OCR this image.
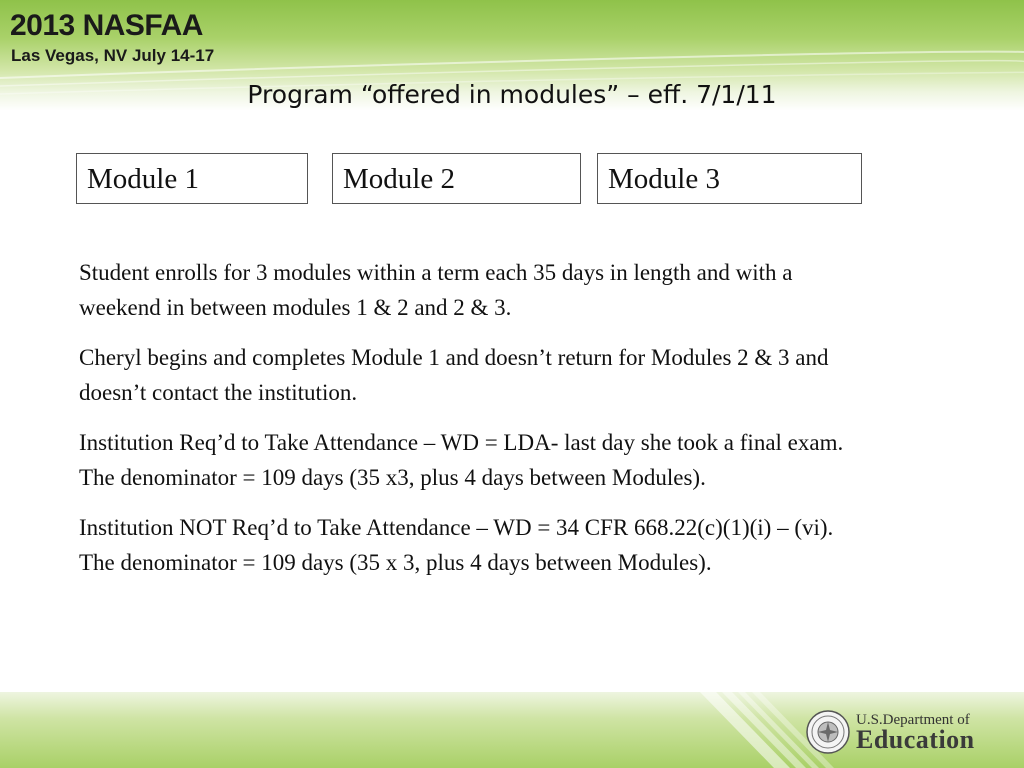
2013 NASFAA
Las Vegas, NV July 14-17
Program “offered in modules” – eff. 7/1/11
Module 1	Module 2	Module 3

Student enrolls for 3 modules within a term each 35 days in length and with a weekend in between modules 1 & 2 and 2 & 3.

Cheryl begins and completes Module 1 and doesn’t return for Modules 2 & 3 and doesn’t contact the institution.

Institution Req’d to Take Attendance – WD = LDA- last day she took a final exam. The denominator = 109 days (35 x3, plus 4 days between Modules).

Institution NOT Req’d to Take Attendance – WD = 34 CFR 668.22(c)(1)(i) – (vi). The denominator = 109 days (35 x 3, plus 4 days between Modules).

U.S.Department of
Education
